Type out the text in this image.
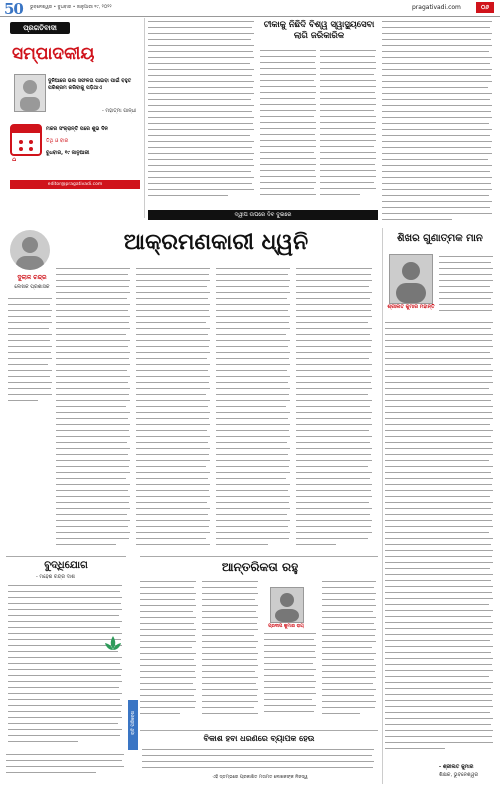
50 ଭୁବନେଶ୍ୱର • ବୁଧବାର • ଜାନୁଆରୀ ୧୯, ୨୦୨୨	pragativadi.com	୦୬
ପ୍ରଗତିବାଦୀ
ସମ୍ପାଦକୀୟ
ଦୁନିଆରେ ଭଲ ସଫଳତା ପାଇବା ପାଇଁ ବହୁତ ପରିଶ୍ରମ କରିବାକୁ ପଡ଼ିଥାଏ
- ମହାତ୍ମା ଗାନ୍ଧୀ
ମକର ସଂକ୍ରାନ୍ତି ପରେ ଶୁଭ ଦିନ
ତିଥି ଓ ବାର
ବୁଧବାର, ୧୯ ଜାନୁଆରୀ
⌂
editor@pragativadi.com
ଟୀକାକୁ ନିଛିଦି ବିଶ୍ୱ ସ୍ୱାସ୍ଥ୍ୟସେବା ଲାଗି ଜରିକାରିକ
ଦ୍ୱୀପ ଉପରେ ଦିବ ଦୁଇରେ
ଆକ୍ରମଣକାରୀ ଧ୍ୱନି
ଦୁଲାଳ ଚନ୍ଦ୍ର
ଲେଖକ ପ୍ରଶାସକ
ଶିଖର ଗୁଣାତ୍ମକ ମାନ
ଶ୍ରୀଲତ କୁମାର ମହାନ୍ତି
- ଶ୍ରୀଲତ କୁମାର
ଶିକ୍ଷକ, ଭୁବନେଶ୍ୱର
ବୁଦ୍ଧିଯୋଗ
- ମହେଶ ଚନ୍ଦ୍ର ଦାଶ
ରାତି ପରିବେଶ
ଆନ୍ତରିକତା ରହୁ
ପ୍ରଦୀପ କୁମାର ରାୟ
ବିକାଶ ହବା ଧରଣରେ ବ୍ୟାପକ ହେଉ
ଏହି ସ୍ତମ୍ଭରେ ପ୍ରକାଶିତ ମତାମତ ଲେଖକଙ୍କ ନିଜସ୍ୱ
